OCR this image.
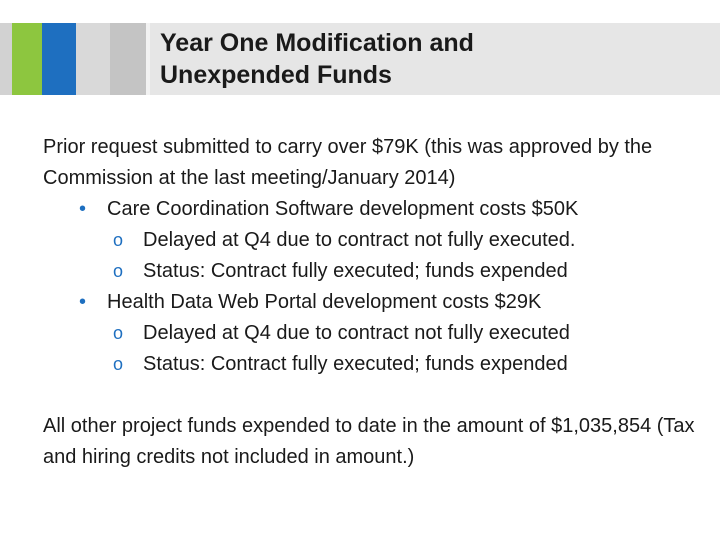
Year One Modification and
Unexpended Funds

Prior request submitted to carry over $79K (this was approved by the Commission at the last meeting/January 2014)

• Care Coordination Software development costs $50K
o Delayed at Q4 due to contract not fully executed.
o Status: Contract fully executed; funds expended
• Health Data Web Portal development costs $29K
o Delayed at Q4 due to contract not fully executed
o Status: Contract fully executed; funds expended

All other project funds expended to date in the amount of $1,035,854 (Tax and hiring credits not included in amount.)
